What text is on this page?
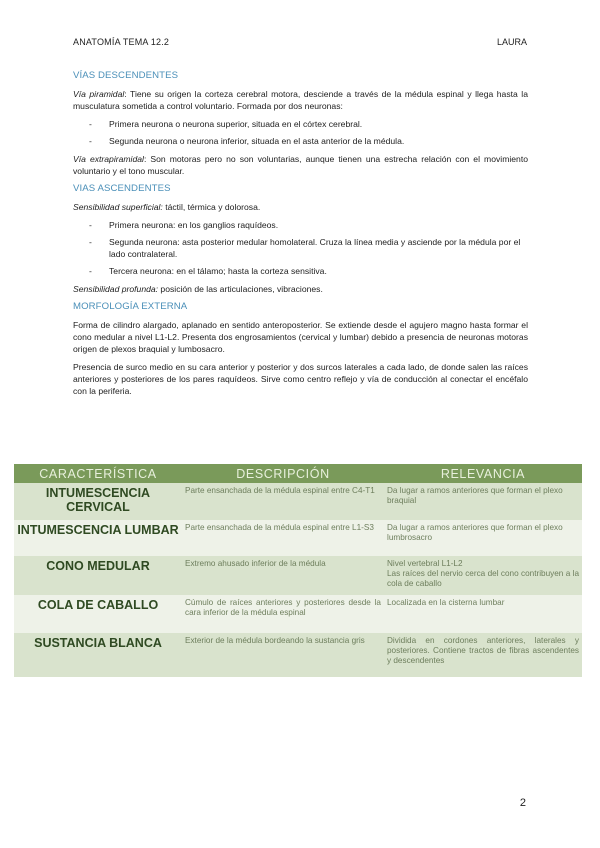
ANATOMÍA TEMA 12.2	LAURA
VÍAS DESCENDENTES

Vía piramidal: Tiene su origen la corteza cerebral motora, desciende a través de la médula espinal y llega hasta la musculatura sometida a control voluntario. Formada por dos neuronas:

- Primera neurona o neurona superior, situada en el córtex cerebral.
- Segunda neurona o neurona inferior, situada en el asta anterior de la médula.

Vía extrapiramidal: Son motoras pero no son voluntarias, aunque tienen una estrecha relación con el movimiento voluntario y el tono muscular.

VIAS ASCENDENTES

Sensibilidad superficial: táctil, térmica y dolorosa.

- Primera neurona: en los ganglios raquídeos.
- Segunda neurona: asta posterior medular homolateral. Cruza la línea media y asciende por la médula por el lado contralateral.
- Tercera neurona: en el tálamo; hasta la corteza sensitiva.

Sensibilidad profunda: posición de las articulaciones, vibraciones.

MORFOLOGÍA EXTERNA

Forma de cilindro alargado, aplanado en sentido anteroposterior. Se extiende desde el agujero magno hasta formar el cono medular a nivel L1-L2. Presenta dos engrosamientos (cervical y lumbar) debido a presencia de neuronas motoras origen de plexos braquial y lumbosacro.

Presencia de surco medio en su cara anterior y posterior y dos surcos laterales a cada lado, de donde salen las raíces anteriores y posteriores de los pares raquídeos. Sirve como centro reflejo y vía de conducción al conectar el encéfalo con la periferia.

CARACTERÍSTICA	DESCRIPCIÓN	RELEVANCIA
INTUMESCENCIA CERVICAL	Parte ensanchada de la médula espinal entre C4-T1	Da lugar a ramos anteriores que forman el plexo braquial
INTUMESCENCIA LUMBAR	Parte ensanchada de la médula espinal entre L1-S3	Da lugar a ramos anteriores que forman el plexo lumbrosacro
CONO MEDULAR	Extremo ahusado inferior de la médula	Nivel vertebral L1-L2
Las raíces del nervio cerca del cono contribuyen a la cola de caballo
COLA DE CABALLO	Cúmulo de raíces anteriores y posteriores desde la cara inferior de la médula espinal	Localizada en la cisterna lumbar
SUSTANCIA BLANCA	Exterior de la médula bordeando la sustancia gris	Dividida en cordones anteriores, laterales y posteriores. Contiene tractos de fibras ascendentes y descendentes
2
